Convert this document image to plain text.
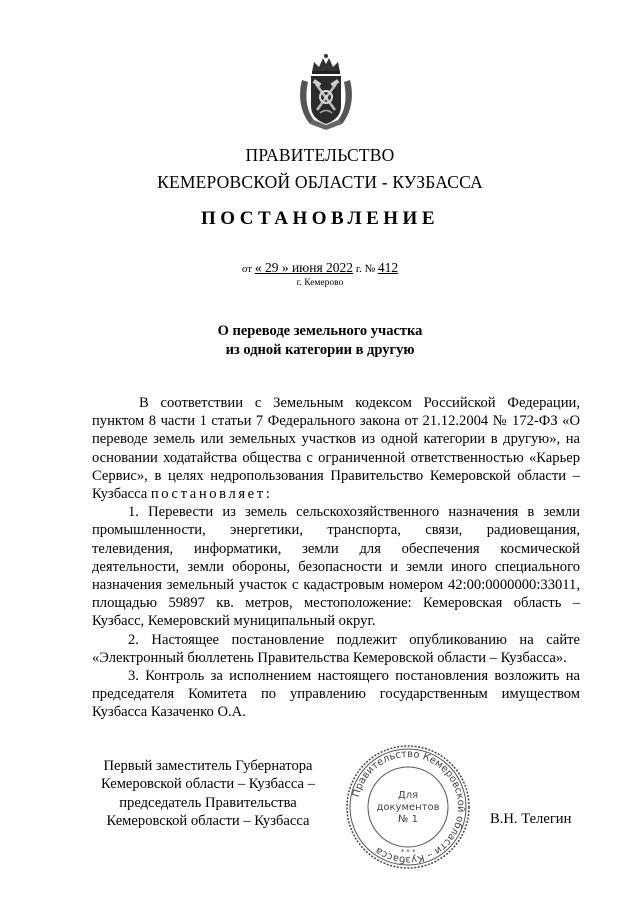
ПРАВИТЕЛЬСТВО
КЕМЕРОВСКОЙ ОБЛАСТИ - КУЗБАССА
ПОСТАНОВЛЕНИЕ
от « 29 » июня 2022 г. № 412
г. Кемерово
О переводе земельного участка
из одной категории в другую

В соответствии с Земельным кодексом Российской Федерации, пунктом 8 части 1 статьи 7 Федерального закона от 21.12.2004 № 172-ФЗ «О переводе земель или земельных участков из одной категории в другую», на основании ходатайства общества с ограниченной ответственностью «Карьер Сервис», в целях недропользования Правительство Кемеровской области – Кузбасса постановляет:

1. Перевести из земель сельскохозяйственного назначения в земли промышленности, энергетики, транспорта, связи, радиовещания, телевидения, информатики, земли для обеспечения космической деятельности, земли обороны, безопасности и земли иного специального назначения земельный участок с кадастровым номером 42:00:0000000:33011, площадью 59897 кв. метров, местоположение: Кемеровская область – Кузбасс, Кемеровский муниципальный округ.

2. Настоящее постановление подлежит опубликованию на сайте «Электронный бюллетень Правительства Кемеровской области – Кузбасса».

3. Контроль за исполнением настоящего постановления возложить на председателя Комитета по управлению государственным имуществом Кузбасса Казаченко О.А.

Первый заместитель Губернатора
Кемеровской области – Кузбасса –
председатель Правительства
Кемеровской области – Кузбасса
Правительство Кемеровской области – Кузбасса	* * *
Для
документов
№ 1	В.Н. Телегин
